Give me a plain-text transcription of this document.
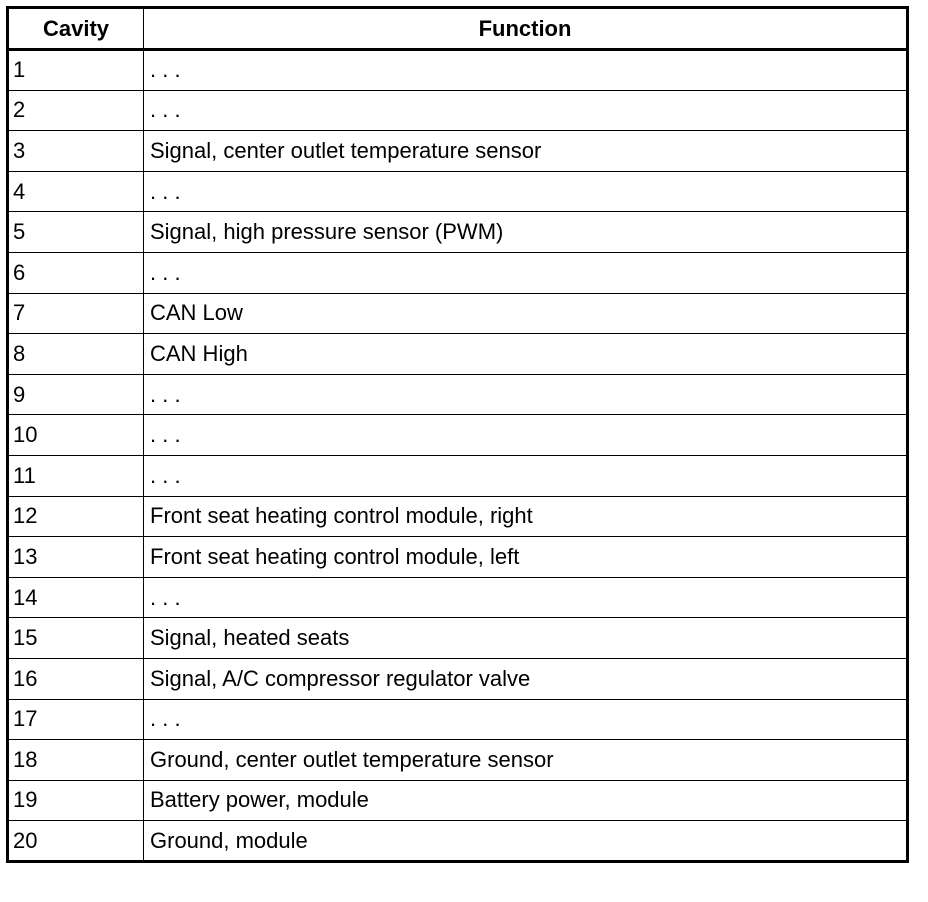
Cavity	Function
1	. . .
2	. . .
3	Signal, center outlet temperature sensor
4	. . .
5	Signal, high pressure sensor (PWM)
6	. . .
7	CAN Low
8	CAN High
9	. . .
10	. . .
11	. . .
12	Front seat heating control module, right
13	Front seat heating control module, left
14	. . .
15	Signal, heated seats
16	Signal, A/C compressor regulator valve
17	. . .
18	Ground, center outlet temperature sensor
19	Battery power, module
20	Ground, module
